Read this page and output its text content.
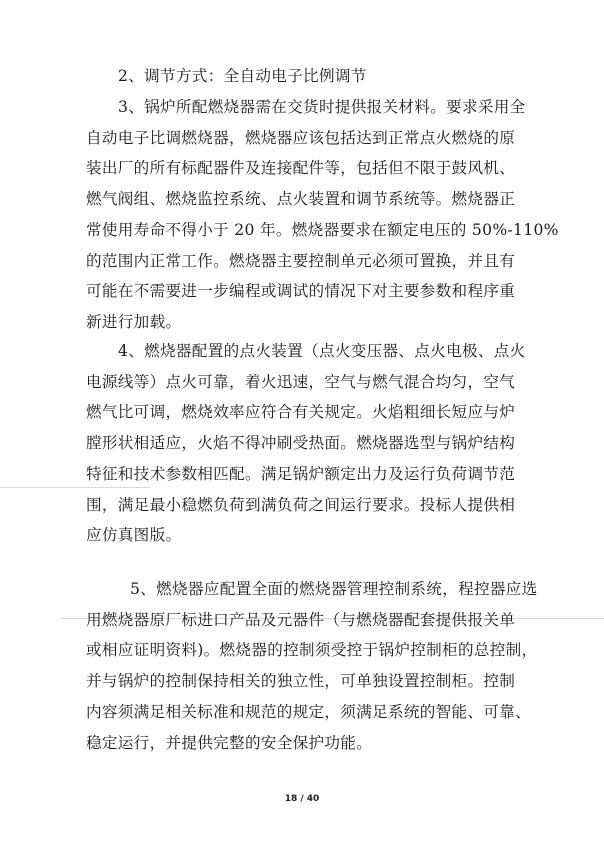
2、调节方式：全自动电子比例调节

3、锅炉所配燃烧器需在交货时提供报关材料。要求采用全
自动电子比调燃烧器，燃烧器应该包括达到正常点火燃烧的原
装出厂的所有标配器件及连接配件等，包括但不限于鼓风机、
燃气阀组、燃烧监控系统、点火装置和调节系统等。燃烧器正
常使用寿命不得小于 20 年。燃烧器要求在额定电压的 50%-110%
的范围内正常工作。燃烧器主要控制单元必须可置换，并且有
可能在不需要进一步编程或调试的情况下对主要参数和程序重
新进行加载。
4、燃烧器配置的点火装置（点火变压器、点火电极、点火
电源线等）点火可靠，着火迅速，空气与燃气混合均匀，空气
燃气比可调，燃烧效率应符合有关规定。火焰粗细长短应与炉
膛形状相适应，火焰不得冲刷受热面。燃烧器选型与锅炉结构
特征和技术参数相匹配。满足锅炉额定出力及运行负荷调节范
围，满足最小稳燃负荷到满负荷之间运行要求。投标人提供相
应仿真图版。
5、燃烧器应配置全面的燃烧器管理控制系统，程控器应选
用燃烧器原厂标进口产品及元器件（与燃烧器配套提供报关单
或相应证明资料)。燃烧器的控制须受控于锅炉控制柜的总控制，
并与锅炉的控制保持相关的独立性，可单独设置控制柜。控制
内容须满足相关标准和规范的规定，须满足系统的智能、可靠、
稳定运行，并提供完整的安全保护功能。
18 / 40
